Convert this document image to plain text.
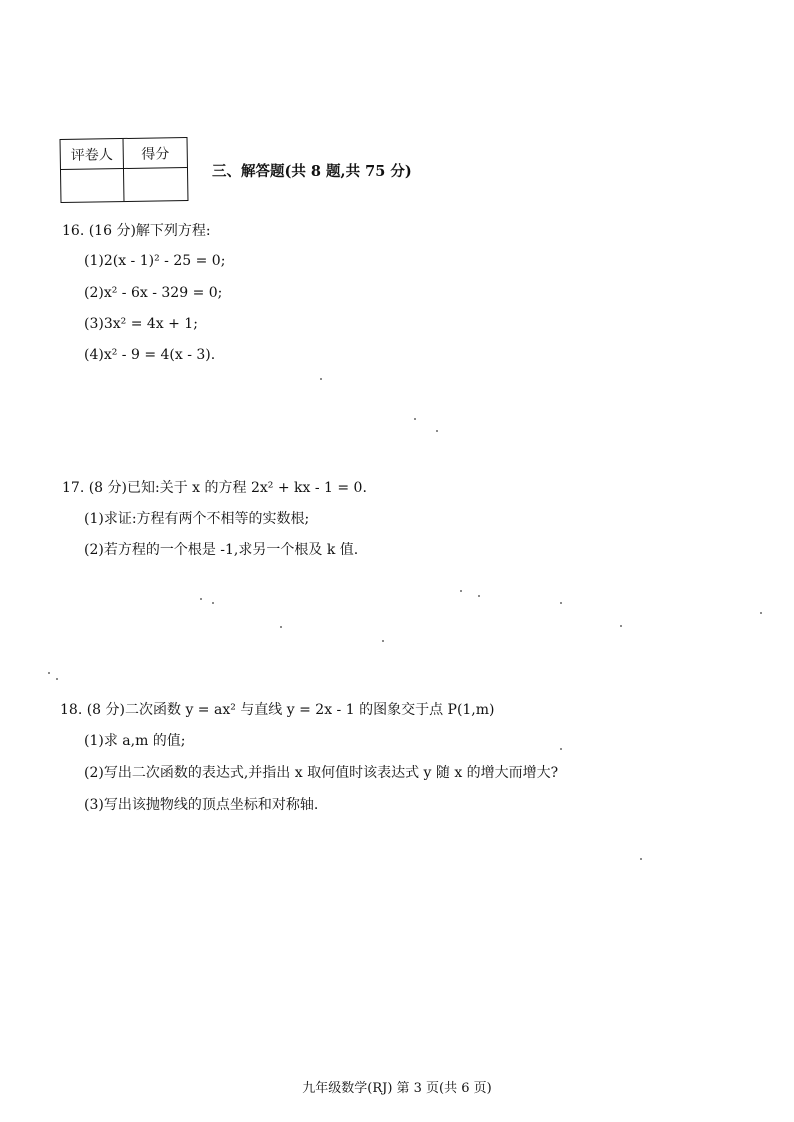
评卷人	得分
三、解答题(共 8 题,共 75 分)
16. (16 分)解下列方程:
(1)2(x - 1)² - 25 = 0;
(2)x² - 6x - 329 = 0;
(3)3x² = 4x + 1;
(4)x² - 9 = 4(x - 3).
17. (8 分)已知:关于 x 的方程 2x² + kx - 1 = 0.
(1)求证:方程有两个不相等的实数根;
(2)若方程的一个根是 -1,求另一个根及 k 值.
18. (8 分)二次函数 y = ax² 与直线 y = 2x - 1 的图象交于点 P(1,m)
(1)求 a,m 的值;
(2)写出二次函数的表达式,并指出 x 取何值时该表达式 y 随 x 的增大而增大?
(3)写出该抛物线的顶点坐标和对称轴.
九年级数学(RJ) 第 3 页(共 6 页)
